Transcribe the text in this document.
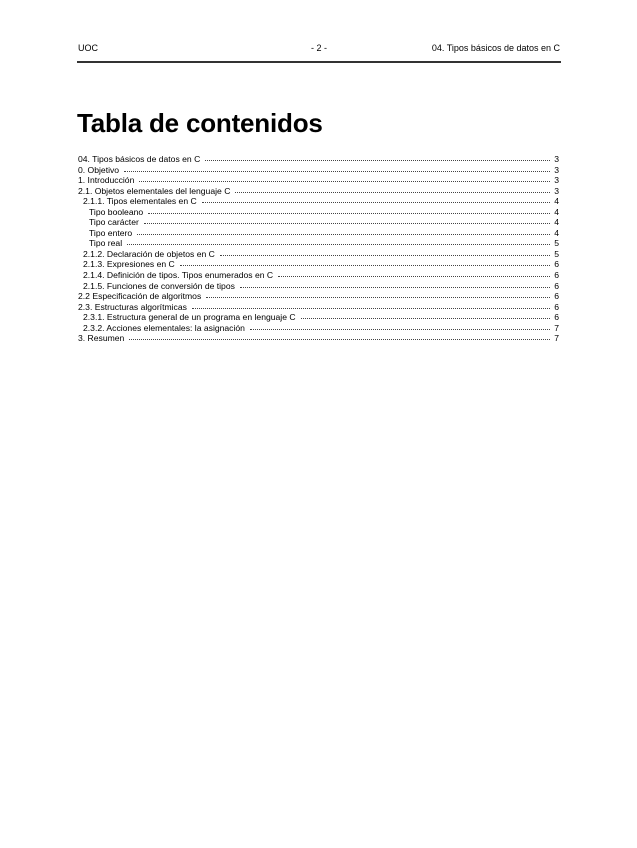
UOC	- 2 -	04. Tipos básicos de datos en C
Tabla de contenidos
04. Tipos básicos de datos en C	3
0. Objetivo	3
1. Introducción	3
2.1. Objetos elementales del lenguaje C	3
2.1.1. Tipos elementales en C	4
Tipo booleano	4
Tipo carácter	4
Tipo entero	4
Tipo real	5
2.1.2. Declaración de objetos en C	5
2.1.3. Expresiones en C	6
2.1.4. Definición de tipos. Tipos enumerados en C	6
2.1.5. Funciones de conversión de tipos	6
2.2 Especificación de algoritmos	6
2.3. Estructuras algorítmicas	6
2.3.1. Estructura general de un programa en lenguaje C	6
2.3.2. Acciones elementales: la asignación	7
3. Resumen	7
